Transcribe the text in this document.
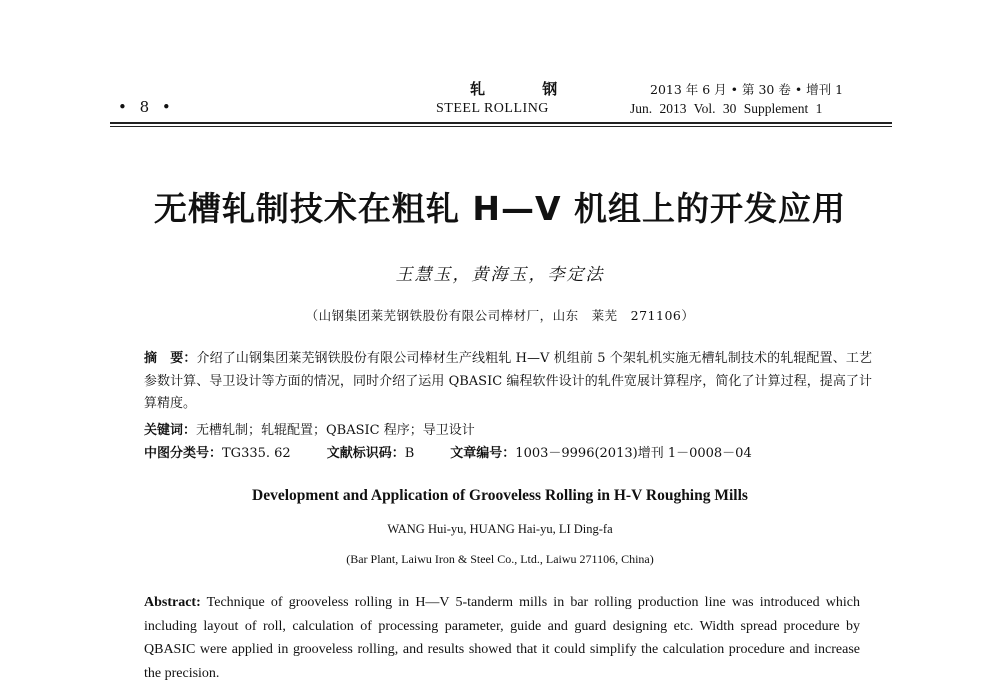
• 8 •
轧 钢
STEEL ROLLING
2013 年 6 月 • 第 30 卷 • 增刊 1
Jun. 2013 Vol. 30 Supplement 1
无槽轧制技术在粗轧 H—V 机组上的开发应用
王慧玉，黄海玉，李定法
（山钢集团莱芜钢铁股份有限公司棒材厂，山东　莱芜　271106）
摘　要：介绍了山钢集团莱芜钢铁股份有限公司棒材生产线粗轧 H—V 机组前 5 个架轧机实施无槽轧制技术的轧辊配置、工艺参数计算、导卫设计等方面的情况，同时介绍了运用 QBASIC 编程软件设计的轧件宽展计算程序，简化了计算过程，提高了计算精度。
关键词：无槽轧制；轧辊配置；QBASIC 程序；导卫设计
中图分类号：TG335. 62	文献标识码：B	文章编号：1003－9996(2013)增刊 1－0008－04
Development and Application of Grooveless Rolling in H-V Roughing Mills
WANG Hui-yu, HUANG Hai-yu, LI Ding-fa
(Bar Plant, Laiwu Iron & Steel Co., Ltd., Laiwu 271106, China)
Abstract: Technique of grooveless rolling in H—V 5-tanderm mills in bar rolling production line was introduced which including layout of roll, calculation of processing parameter, guide and guard designing etc. Width spread procedure by QBASIC were applied in grooveless rolling, and results showed that it could simplify the calculation procedure and increase the precision.
